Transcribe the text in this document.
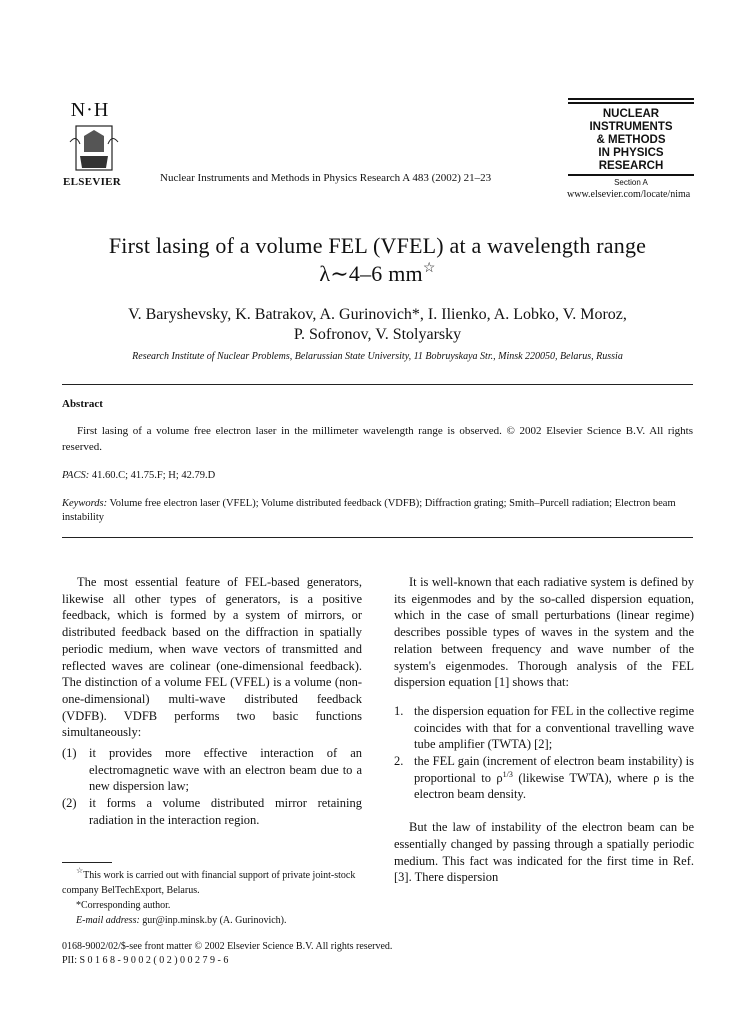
N·H
ELSEVIER	Nuclear Instruments and Methods in Physics Research A 483 (2002) 21–23
NUCLEAR
INSTRUMENTS
& METHODS
IN PHYSICS
RESEARCH
Section A
www.elsevier.com/locate/nima
First lasing of a volume FEL (VFEL) at a wavelength range
λ∼4–6 mm☆
V. Baryshevsky, K. Batrakov, A. Gurinovich*, I. Ilienko, A. Lobko, V. Moroz,
P. Sofronov, V. Stolyarsky
Research Institute of Nuclear Problems, Belarussian State University, 11 Bobruyskaya Str., Minsk 220050, Belarus, Russia
Abstract
First lasing of a volume free electron laser in the millimeter wavelength range is observed. © 2002 Elsevier Science B.V. All rights reserved.
PACS: 41.60.C; 41.75.F; H; 42.79.D
Keywords: Volume free electron laser (VFEL); Volume distributed feedback (VDFB); Diffraction grating; Smith–Purcell radiation; Electron beam instability

The most essential feature of FEL-based generators, likewise all other types of generators, is a positive feedback, which is formed by a system of mirrors, or distributed feedback based on the diffraction in spatially periodic medium, when wave vectors of transmitted and reflected waves are colinear (one-dimensional feedback). The distinction of a volume FEL (VFEL) is a volume (non-one-dimensional) multi-wave distributed feedback (VDFB). VDFB performs two basic functions simultaneously:

(1) it provides more effective interaction of an electromagnetic wave with an electron beam due to a new dispersion law;
(2) it forms a volume distributed mirror retaining radiation in the interaction region.
☆This work is carried out with financial support of private joint-stock company BelTechExport, Belarus.
*Corresponding author.
E-mail address: gur@inp.minsk.by (A. Gurinovich).

It is well-known that each radiative system is defined by its eigenmodes and by the so-called dispersion equation, which in the case of small perturbations (linear regime) describes possible types of waves in the system and the relation between frequency and wave number of the system's eigenmodes. Thorough analysis of the FEL dispersion equation [1] shows that:

1. the dispersion equation for FEL in the collective regime coincides with that for a conventional travelling wave tube amplifier (TWTA) [2];
2. the FEL gain (increment of electron beam instability) is proportional to $\rho^{1/3}$ (likewise TWTA), where ρ is the electron beam density.

But the law of instability of the electron beam can be essentially changed by passing through a spatially periodic medium. This fact was indicated for the first time in Ref. [3]. There dispersion

0168-9002/02/$-see front matter © 2002 Elsevier Science B.V. All rights reserved.
PII: S 0 1 6 8 - 9 0 0 2 ( 0 2 ) 0 0 2 7 9 - 6
